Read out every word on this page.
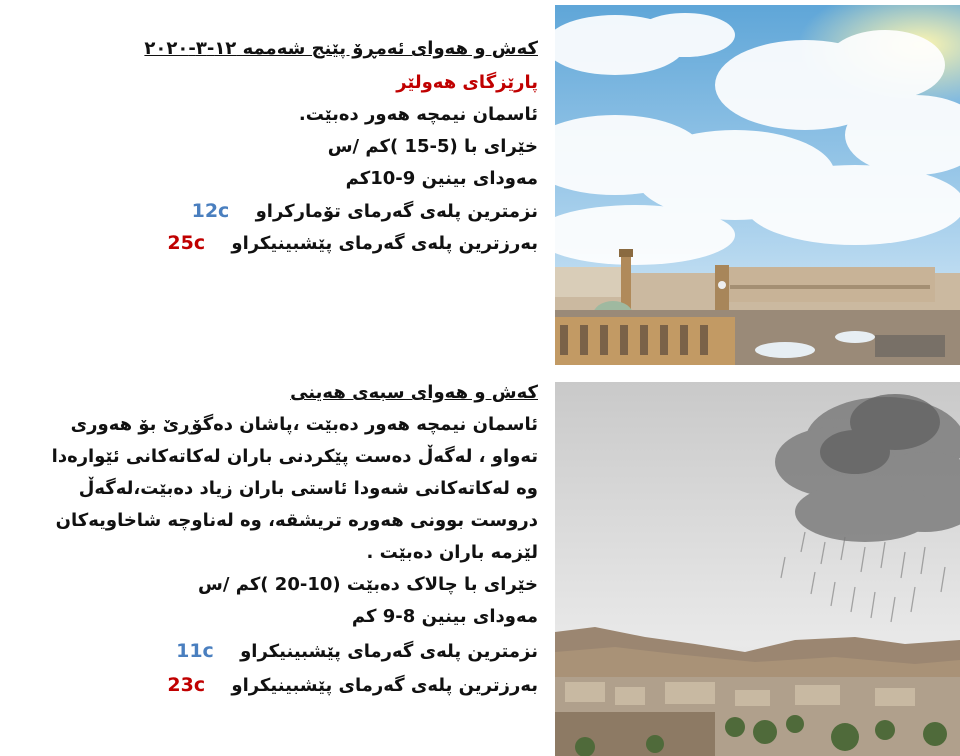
کەش و هەوای ئەمڕۆ پێنج شەممە ١٢-٣-٢٠٢٠
پارێزگای هەولێر
ئاسمان نیمچە هەور دەبێت.
خێرای با (5-15 )کم /س
مەودای بینین 9-10کم
12c نزمترین پلەی گەرمای تۆمارکراو
25c بەرزترین پلەی گەرمای پێشبینیکراو
کەش و هەوای سبەی هەینی
ئاسمان نیمچە هەور دەبێت ،پاشان دەگۆڕێ بۆ هەوری
تەواو ، لەگەڵ دەست پێکردنی باران لەکاتەکانی ئێوارەدا
وە لەکاتەکانی شەودا ئاستی باران زیاد دەبێت،لەگەڵ
دروست بوونی هەورە تریشقە، وە لەناوچە شاخاویەکان
لێزمە باران دەبێت .
خێرای با چالاک دەبێت (10-20 )کم /س
مەودای بینین 8-9 کم
11c نزمترین پلەی گەرمای پێشبینیکراو
23c بەرزترین پلەی گەرمای پێشبینیکراو
